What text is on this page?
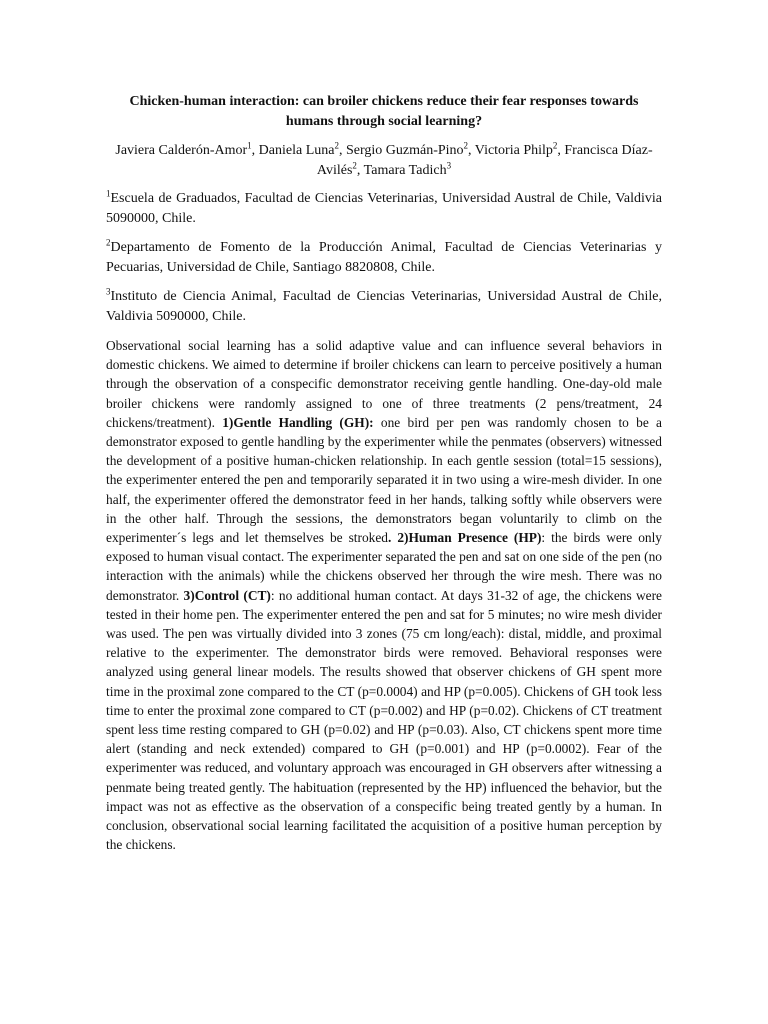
Chicken-human interaction: can broiler chickens reduce their fear responses towards humans through social learning?
Javiera Calderón-Amor$^1$, Daniela Luna$^2$, Sergio Guzmán-Pino$^2$, Victoria Philp$^2$, Francisca Díaz-Avilés$^2$, Tamara Tadich$^3$
$^1$Escuela de Graduados, Facultad de Ciencias Veterinarias, Universidad Austral de Chile, Valdivia 5090000, Chile.
$^2$Departamento de Fomento de la Producción Animal, Facultad de Ciencias Veterinarias y Pecuarias, Universidad de Chile, Santiago 8820808, Chile.
$^3$Instituto de Ciencia Animal, Facultad de Ciencias Veterinarias, Universidad Austral de Chile, Valdivia 5090000, Chile.
Observational social learning has a solid adaptive value and can influence several behaviors in domestic chickens. We aimed to determine if broiler chickens can learn to perceive positively a human through the observation of a conspecific demonstrator receiving gentle handling. One-day-old male broiler chickens were randomly assigned to one of three treatments (2 pens/treatment, 24 chickens/treatment). 1)Gentle Handling (GH): one bird per pen was randomly chosen to be a demonstrator exposed to gentle handling by the experimenter while the penmates (observers) witnessed the development of a positive human-chicken relationship. In each gentle session (total=15 sessions), the experimenter entered the pen and temporarily separated it in two using a wire-mesh divider. In one half, the experimenter offered the demonstrator feed in her hands, talking softly while observers were in the other half. Through the sessions, the demonstrators began voluntarily to climb on the experimenter´s legs and let themselves be stroked. 2)Human Presence (HP): the birds were only exposed to human visual contact. The experimenter separated the pen and sat on one side of the pen (no interaction with the animals) while the chickens observed her through the wire mesh. There was no demonstrator. 3)Control (CT): no additional human contact. At days 31-32 of age, the chickens were tested in their home pen. The experimenter entered the pen and sat for 5 minutes; no wire mesh divider was used. The pen was virtually divided into 3 zones (75 cm long/each): distal, middle, and proximal relative to the experimenter. The demonstrator birds were removed. Behavioral responses were analyzed using general linear models. The results showed that observer chickens of GH spent more time in the proximal zone compared to the CT (p=0.0004) and HP (p=0.005). Chickens of GH took less time to enter the proximal zone compared to CT (p=0.002) and HP (p=0.02). Chickens of CT treatment spent less time resting compared to GH (p=0.02) and HP (p=0.03). Also, CT chickens spent more time alert (standing and neck extended) compared to GH (p=0.001) and HP (p=0.0002). Fear of the experimenter was reduced, and voluntary approach was encouraged in GH observers after witnessing a penmate being treated gently. The habituation (represented by the HP) influenced the behavior, but the impact was not as effective as the observation of a conspecific being treated gently by a human. In conclusion, observational social learning facilitated the acquisition of a positive human perception by the chickens.
